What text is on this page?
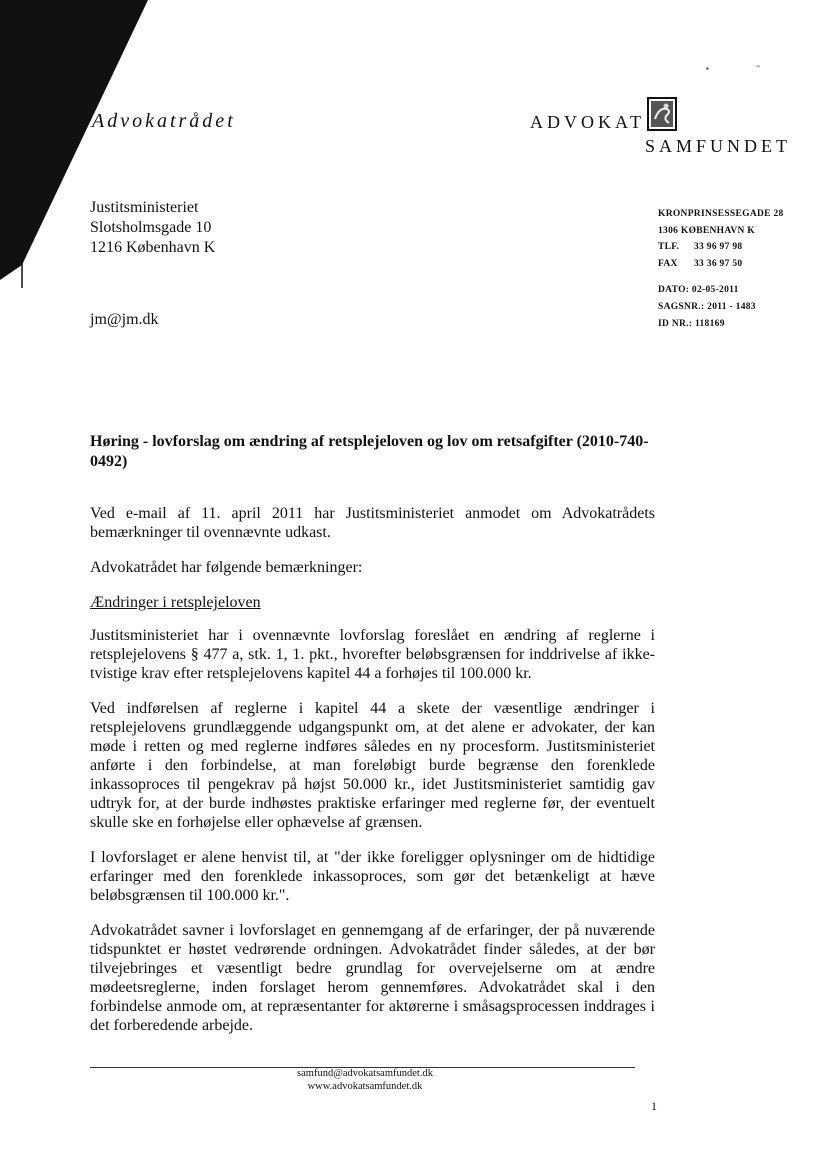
Advokatrådet
▪	~
ADVOKAT
SAMFUNDET
Justitsministeriet
Slotsholmsgade 10
1216 København K
jm@jm.dk
KRONPRINSESSEGADE 28
1306 KØBENHAVN K
TLF. 33 96 97 98
FAX 33 36 97 50
DATO: 02-05-2011
SAGSNR.: 2011 - 1483
ID NR.: 118169
Høring - lovforslag om ændring af retsplejeloven og lov om retsafgifter (2010-740-0492)

Ved e-mail af 11. april 2011 har Justitsministeriet anmodet om Advokatrådets bemærkninger til ovennævnte udkast.

Advokatrådet har følgende bemærkninger:

Ændringer i retsplejeloven

Justitsministeriet har i ovennævnte lovforslag foreslået en ændring af reglerne i retsplejelovens § 477 a, stk. 1, 1. pkt., hvorefter beløbsgrænsen for inddrivelse af ikke-tvistige krav efter retsplejelovens kapitel 44 a forhøjes til 100.000 kr.

Ved indførelsen af reglerne i kapitel 44 a skete der væsentlige ændringer i retsplejelovens grundlæggende udgangspunkt om, at det alene er advokater, der kan møde i retten og med reglerne indføres således en ny procesform. Justitsministeriet anførte i den forbindelse, at man foreløbigt burde begrænse den forenklede inkassoproces til pengekrav på højst 50.000 kr., idet Justitsministeriet samtidig gav udtryk for, at der burde indhøstes praktiske erfaringer med reglerne før, der eventuelt skulle ske en forhøjelse eller ophævelse af grænsen.

I lovforslaget er alene henvist til, at "der ikke foreligger oplysninger om de hidtidige erfaringer med den forenklede inkassoproces, som gør det betænkeligt at hæve beløbsgrænsen til 100.000 kr.".

Advokatrådet savner i lovforslaget en gennemgang af de erfaringer, der på nuværende tidspunktet er høstet vedrørende ordningen. Advokatrådet finder således, at der bør tilvejebringes et væsentligt bedre grundlag for overvejelserne om at ændre mødeetsreglerne, inden forslaget herom gennemføres. Advokatrådet skal i den forbindelse anmode om, at repræsentanter for aktørerne i småsagsprocessen inddrages i det forberedende arbejde.

samfund@advokatsamfundet.dk
www.advokatsamfundet.dk
1
